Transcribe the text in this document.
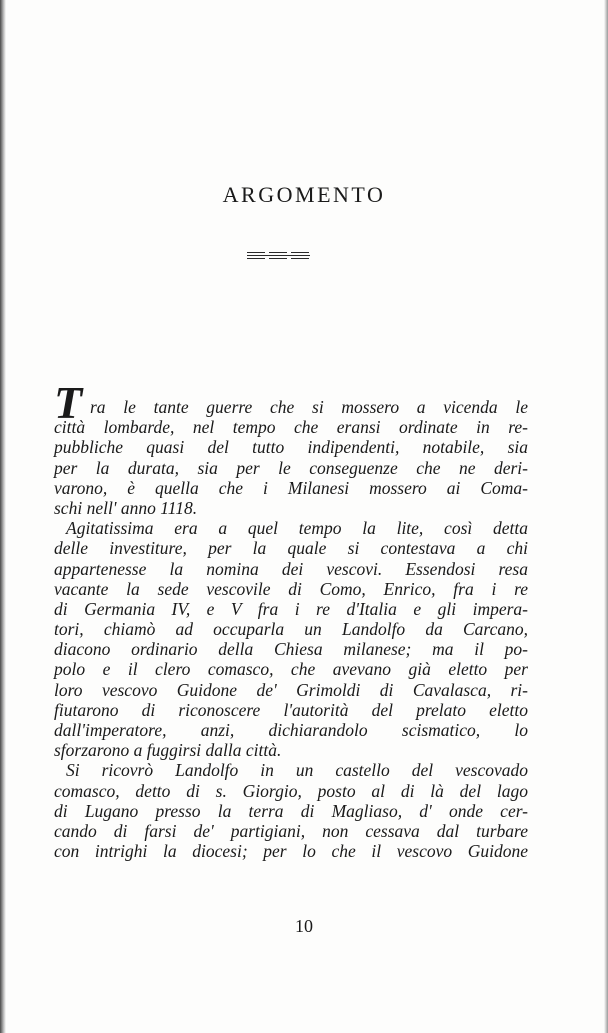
ARGOMENTO
T ra le tante guerre che si mossero a vicenda le
città lombarde, nel tempo che eransi ordinate in re-
pubbliche quasi del tutto indipendenti, notabile, sia
per la durata, sia per le conseguenze che ne deri-
varono, è quella che i Milanesi mossero ai Coma-
schi nell' anno 1118.
Agitatissima era a quel tempo la lite, così detta
delle investiture, per la quale si contestava a chi
appartenesse la nomina dei vescovi. Essendosi resa
vacante la sede vescovile di Como, Enrico, fra i re
di Germania IV, e V fra i re d'Italia e gli impera-
tori, chiamò ad occuparla un Landolfo da Carcano,
diacono ordinario della Chiesa milanese; ma il po-
polo e il clero comasco, che avevano già eletto per
loro vescovo Guidone de' Grimoldi di Cavalasca, ri-
fiutarono di riconoscere l'autorità del prelato eletto
dall'imperatore, anzi, dichiarandolo scismatico, lo
sforzarono a fuggirsi dalla città.
Si ricovrò Landolfo in un castello del vescovado
comasco, detto di s. Giorgio, posto al di là del lago
di Lugano presso la terra di Magliaso, d' onde cer-
cando di farsi de' partigiani, non cessava dal turbare
con intrighi la diocesi; per lo che il vescovo Guidone
10
